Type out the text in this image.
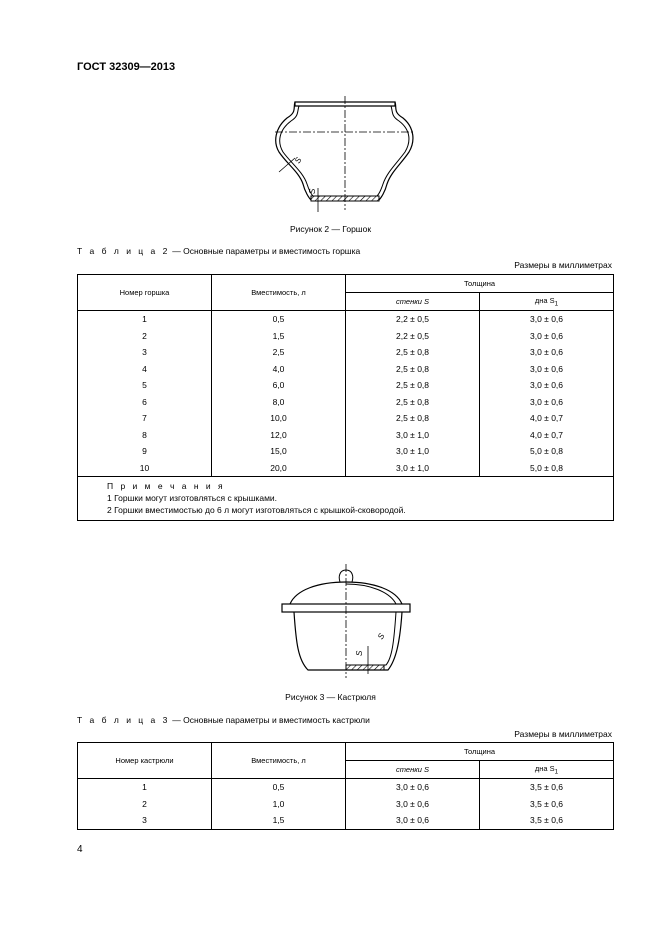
ГОСТ 32309—2013
S
S
Рисунок 2 — Горшок
Т а б л и ц а 2 — Основные параметры и вместимость горшка
Размеры в миллиметрах
Номер горшка	Вместимость, л	Толщина	
		стенки S	дна $S_1$
1	0,5	2,2 ± 0,5	3,0 ± 0,6
2	1,5	2,2 ± 0,5	3,0 ± 0,6
3	2,5	2,5 ± 0,8	3,0 ± 0,6
4	4,0	2,5 ± 0,8	3,0 ± 0,6
5	6,0	2,5 ± 0,8	3,0 ± 0,6
6	8,0	2,5 ± 0,8	3,0 ± 0,6
7	10,0	2,5 ± 0,8	4,0 ± 0,7
8	12,0	3,0 ± 1,0	4,0 ± 0,7
9	15,0	3,0 ± 1,0	5,0 ± 0,8
10	20,0	3,0 ± 1,0	5,0 ± 0,8

П р и м е ч а н и я
1 Горшки могут изготовляться с крышками.
2 Горшки вместимостью до 6 л могут изготовляться с крышкой-сковородой.			
S
S
Рисунок 3 — Кастрюля
Т а б л и ц а 3 — Основные параметры и вместимость кастрюли
Размеры в миллиметрах
Номер кастрюли	Вместимость, л	Толщина	
		стенки S	дна $S_1$
1	0,5	3,0 ± 0,6	3,5 ± 0,6
2	1,0	3,0 ± 0,6	3,5 ± 0,6
3	1,5	3,0 ± 0,6	3,5 ± 0,6
4
